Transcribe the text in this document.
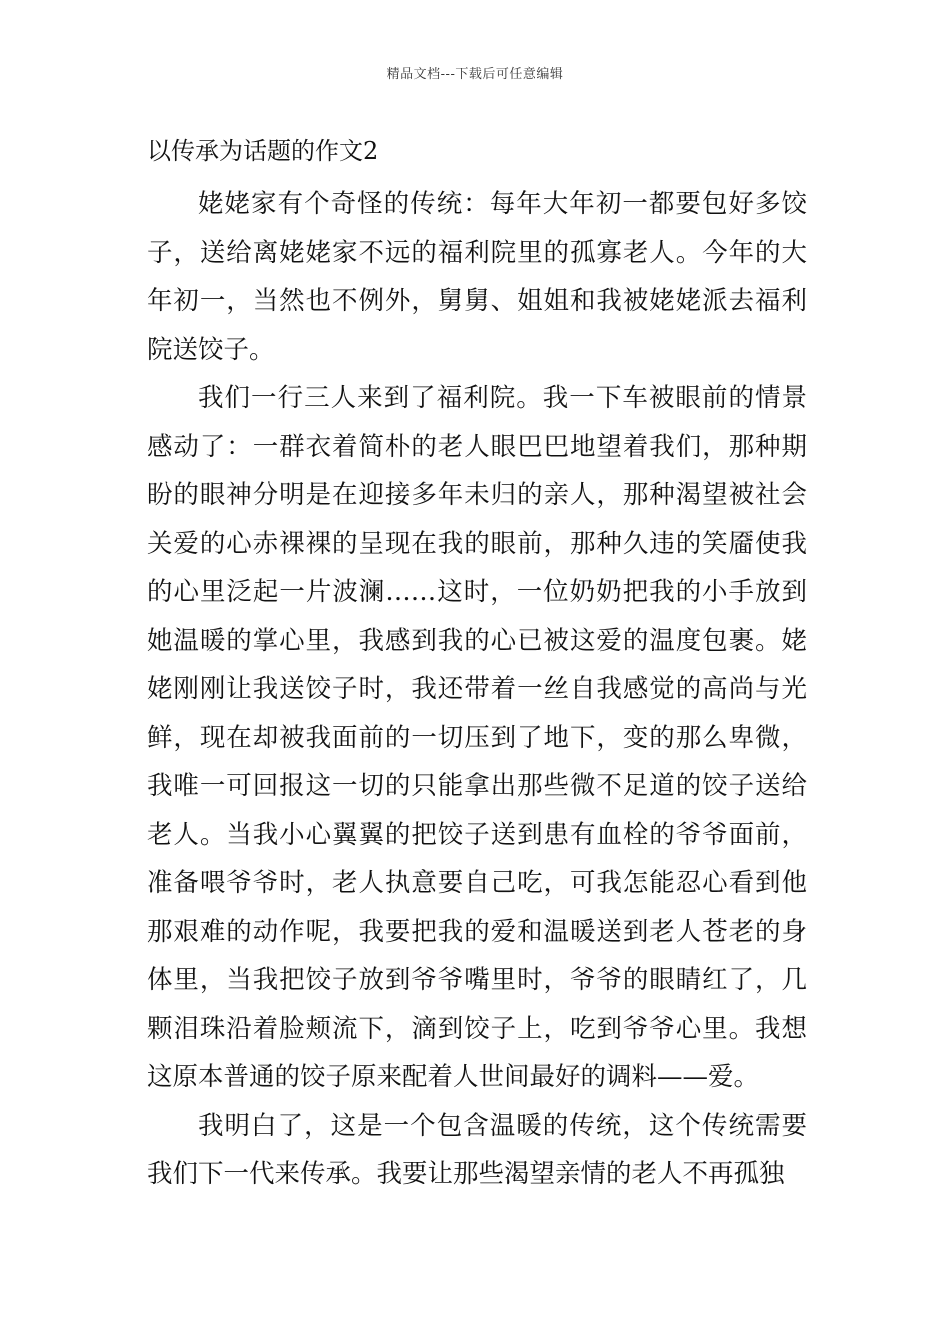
精品文档---下载后可任意编辑
以传承为话题的作文2

姥姥家有个奇怪的传统：每年大年初一都要包好多饺子，送给离姥姥家不远的福利院里的孤寡老人。今年的大年初一，当然也不例外，舅舅、姐姐和我被姥姥派去福利院送饺子。

我们一行三人来到了福利院。我一下车被眼前的情景感动了：一群衣着简朴的老人眼巴巴地望着我们，那种期盼的眼神分明是在迎接多年未归的亲人，那种渴望被社会关爱的心赤裸裸的呈现在我的眼前，那种久违的笑靥使我的心里泛起一片波澜……这时，一位奶奶把我的小手放到她温暖的掌心里，我感到我的心已被这爱的温度包裹。姥姥刚刚让我送饺子时，我还带着一丝自我感觉的高尚与光鲜，现在却被我面前的一切压到了地下，变的那么卑微，我唯一可回报这一切的只能拿出那些微不足道的饺子送给老人。当我小心翼翼的把饺子送到患有血栓的爷爷面前，准备喂爷爷时，老人执意要自己吃，可我怎能忍心看到他那艰难的动作呢，我要把我的爱和温暖送到老人苍老的身体里，当我把饺子放到爷爷嘴里时，爷爷的眼睛红了，几颗泪珠沿着脸颊流下，滴到饺子上，吃到爷爷心里。我想这原本普通的饺子原来配着人世间最好的调料——爱。

我明白了，这是一个包含温暖的传统，这个传统需要我们下一代来传承。我要让那些渴望亲情的老人不再孤独
